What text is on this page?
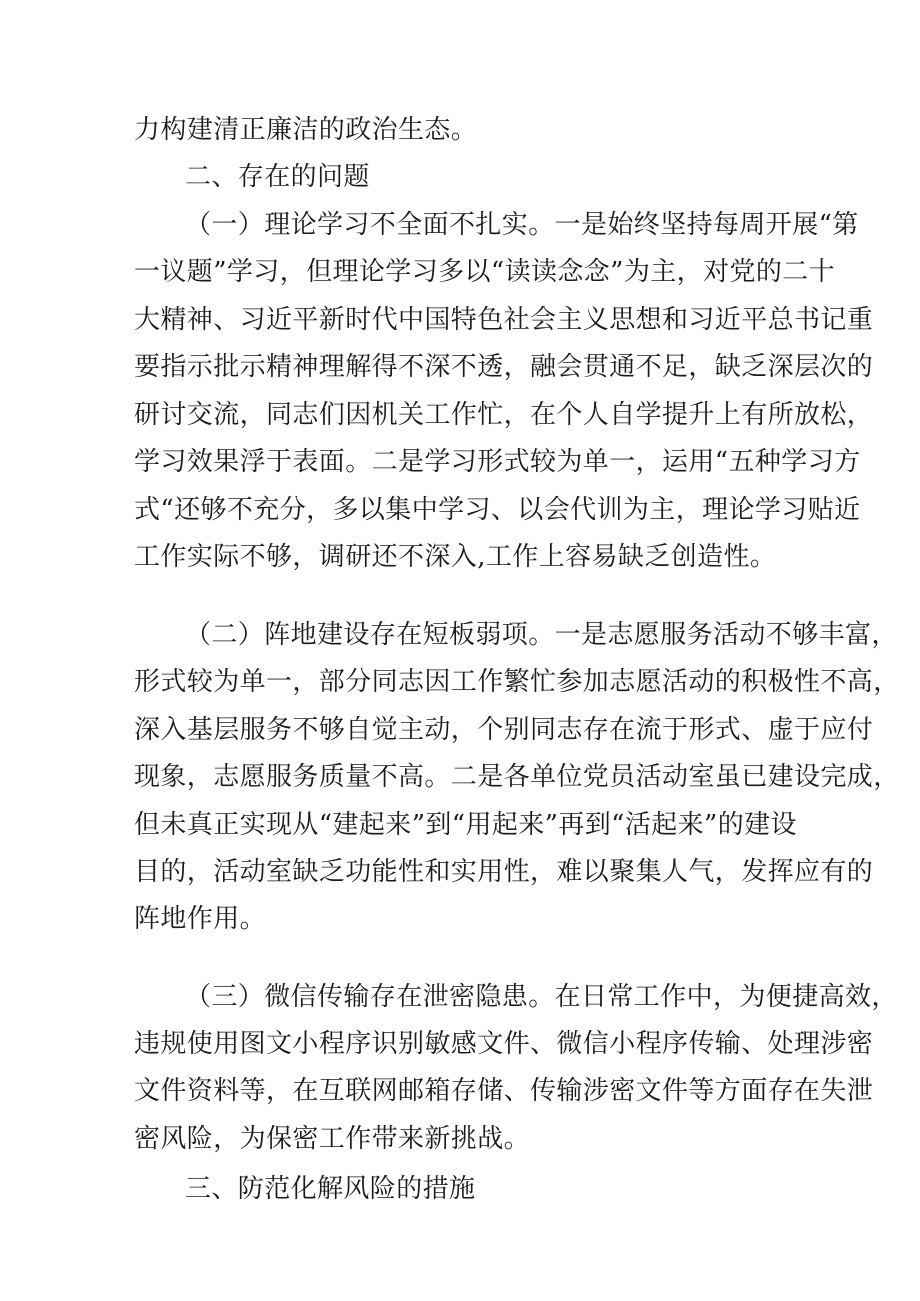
力构建清正廉洁的政治生态。
二、存在的问题
（一）理论学习不全面不扎实。一是始终坚持每周开展“第
一议题”学习，但理论学习多以“读读念念”为主，对党的二十
大精神、习近平新时代中国特色社会主义思想和习近平总书记重
要指示批示精神理解得不深不透，融会贯通不足，缺乏深层次的
研讨交流，同志们因机关工作忙，在个人自学提升上有所放松，
学习效果浮于表面。二是学习形式较为单一，运用“五种学习方
式“还够不充分，多以集中学习、以会代训为主，理论学习贴近
工作实际不够，调研还不深入,工作上容易缺乏创造性。
（二）阵地建设存在短板弱项。一是志愿服务活动不够丰富，
形式较为单一，部分同志因工作繁忙参加志愿活动的积极性不高，
深入基层服务不够自觉主动，个别同志存在流于形式、虚于应付
现象，志愿服务质量不高。二是各单位党员活动室虽已建设完成，
但未真正实现从“建起来”到“用起来”再到“活起来”的建设
目的，活动室缺乏功能性和实用性，难以聚集人气，发挥应有的
阵地作用。
（三）微信传输存在泄密隐患。在日常工作中，为便捷高效，
违规使用图文小程序识别敏感文件、微信小程序传输、处理涉密
文件资料等，在互联网邮箱存储、传输涉密文件等方面存在失泄
密风险，为保密工作带来新挑战。
三、防范化解风险的措施
